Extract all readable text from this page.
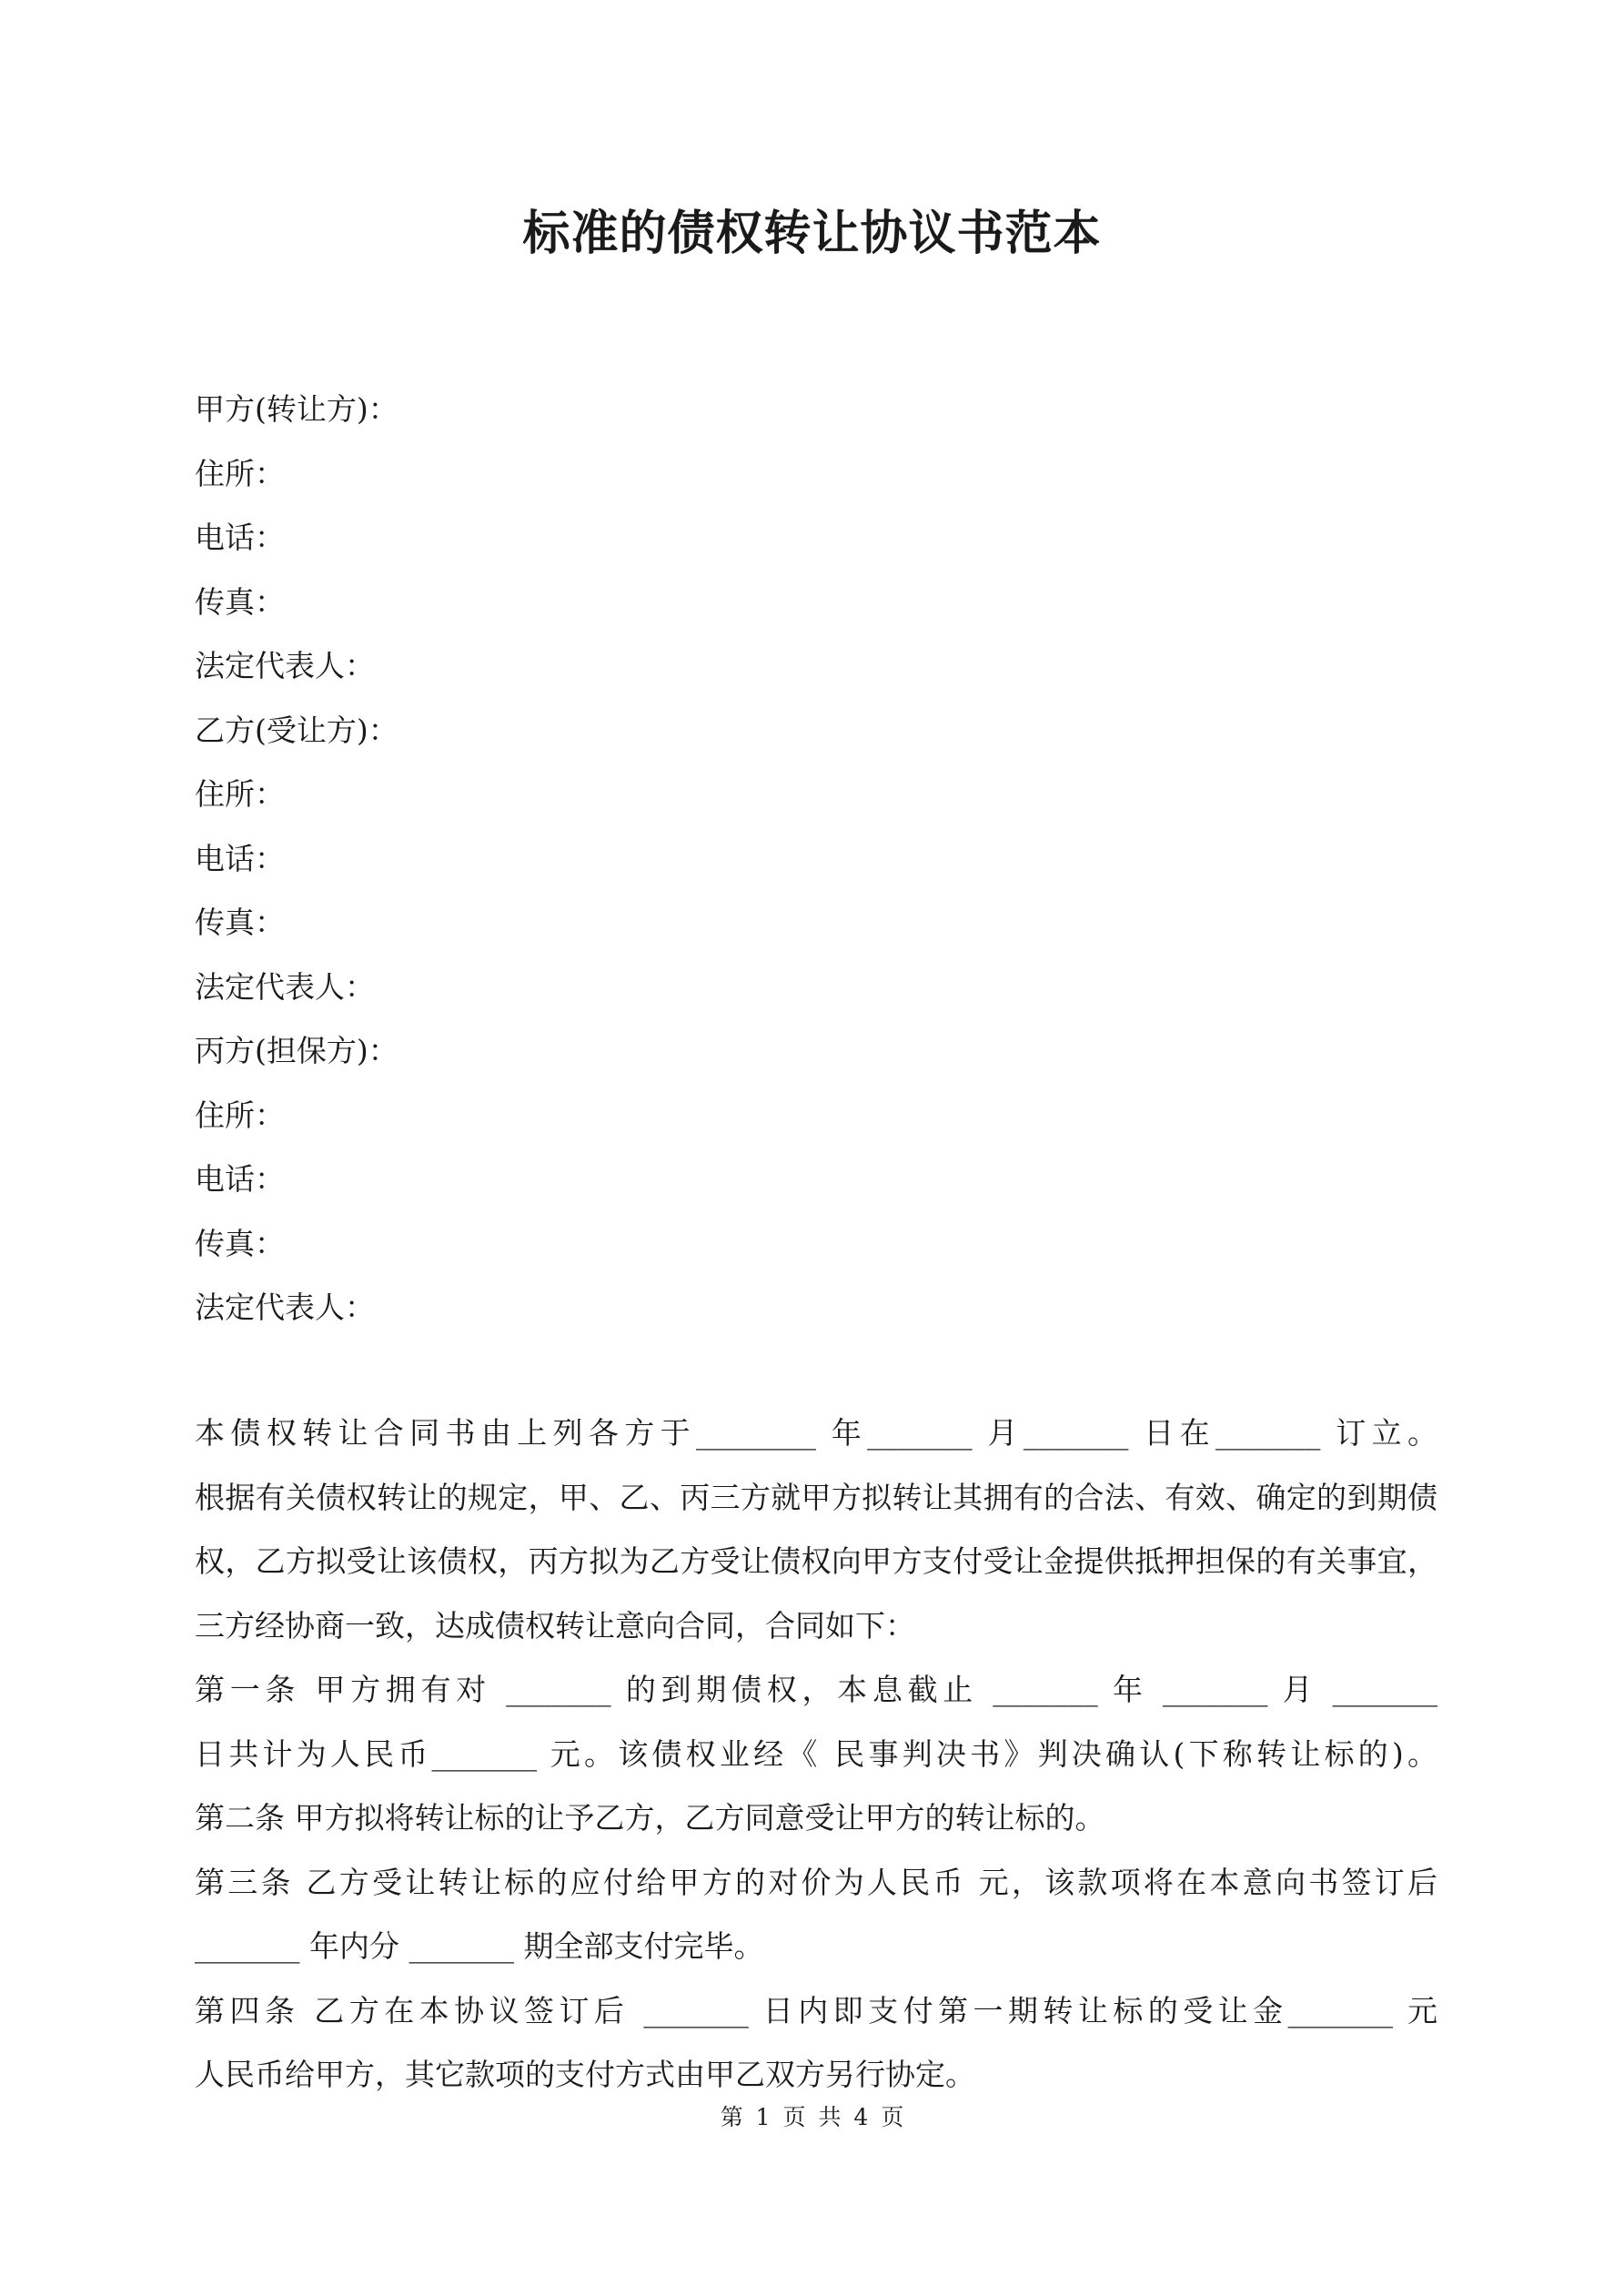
标准的债权转让协议书范本
甲方(转让方)：
住所：
电话：
传真：
法定代表人：
乙方(受让方)：
住所：
电话：
传真：
法定代表人：
丙方(担保方)：
住所：
电话：
传真：
法定代表人：
本债权转让合同书由上列各方于________ 年_______ 月_______ 日在_______ 订立。
根据有关债权转让的规定，甲、乙、丙三方就甲方拟转让其拥有的合法、有效、确定的到期债权，乙方拟受让该债权，丙方拟为乙方受让债权向甲方支付受让金提供抵押担保的有关事宜，三方经协商一致，达成债权转让意向合同，合同如下：
第一条 甲方拥有对 _______ 的到期债权，本息截止 _______ 年 _______ 月 _______
日共计为人民币_______ 元。该债权业经《 民事判决书》判决确认(下称转让标的)。
第二条 甲方拟将转让标的让予乙方，乙方同意受让甲方的转让标的。
第三条 乙方受让转让标的应付给甲方的对价为人民币 元，该款项将在本意向书签订后
_______ 年内分 _______ 期全部支付完毕。
第四条 乙方在本协议签订后 _______ 日内即支付第一期转让标的受让金_______ 元
人民币给甲方，其它款项的支付方式由甲乙双方另行协定。
第 1 页 共 4 页
